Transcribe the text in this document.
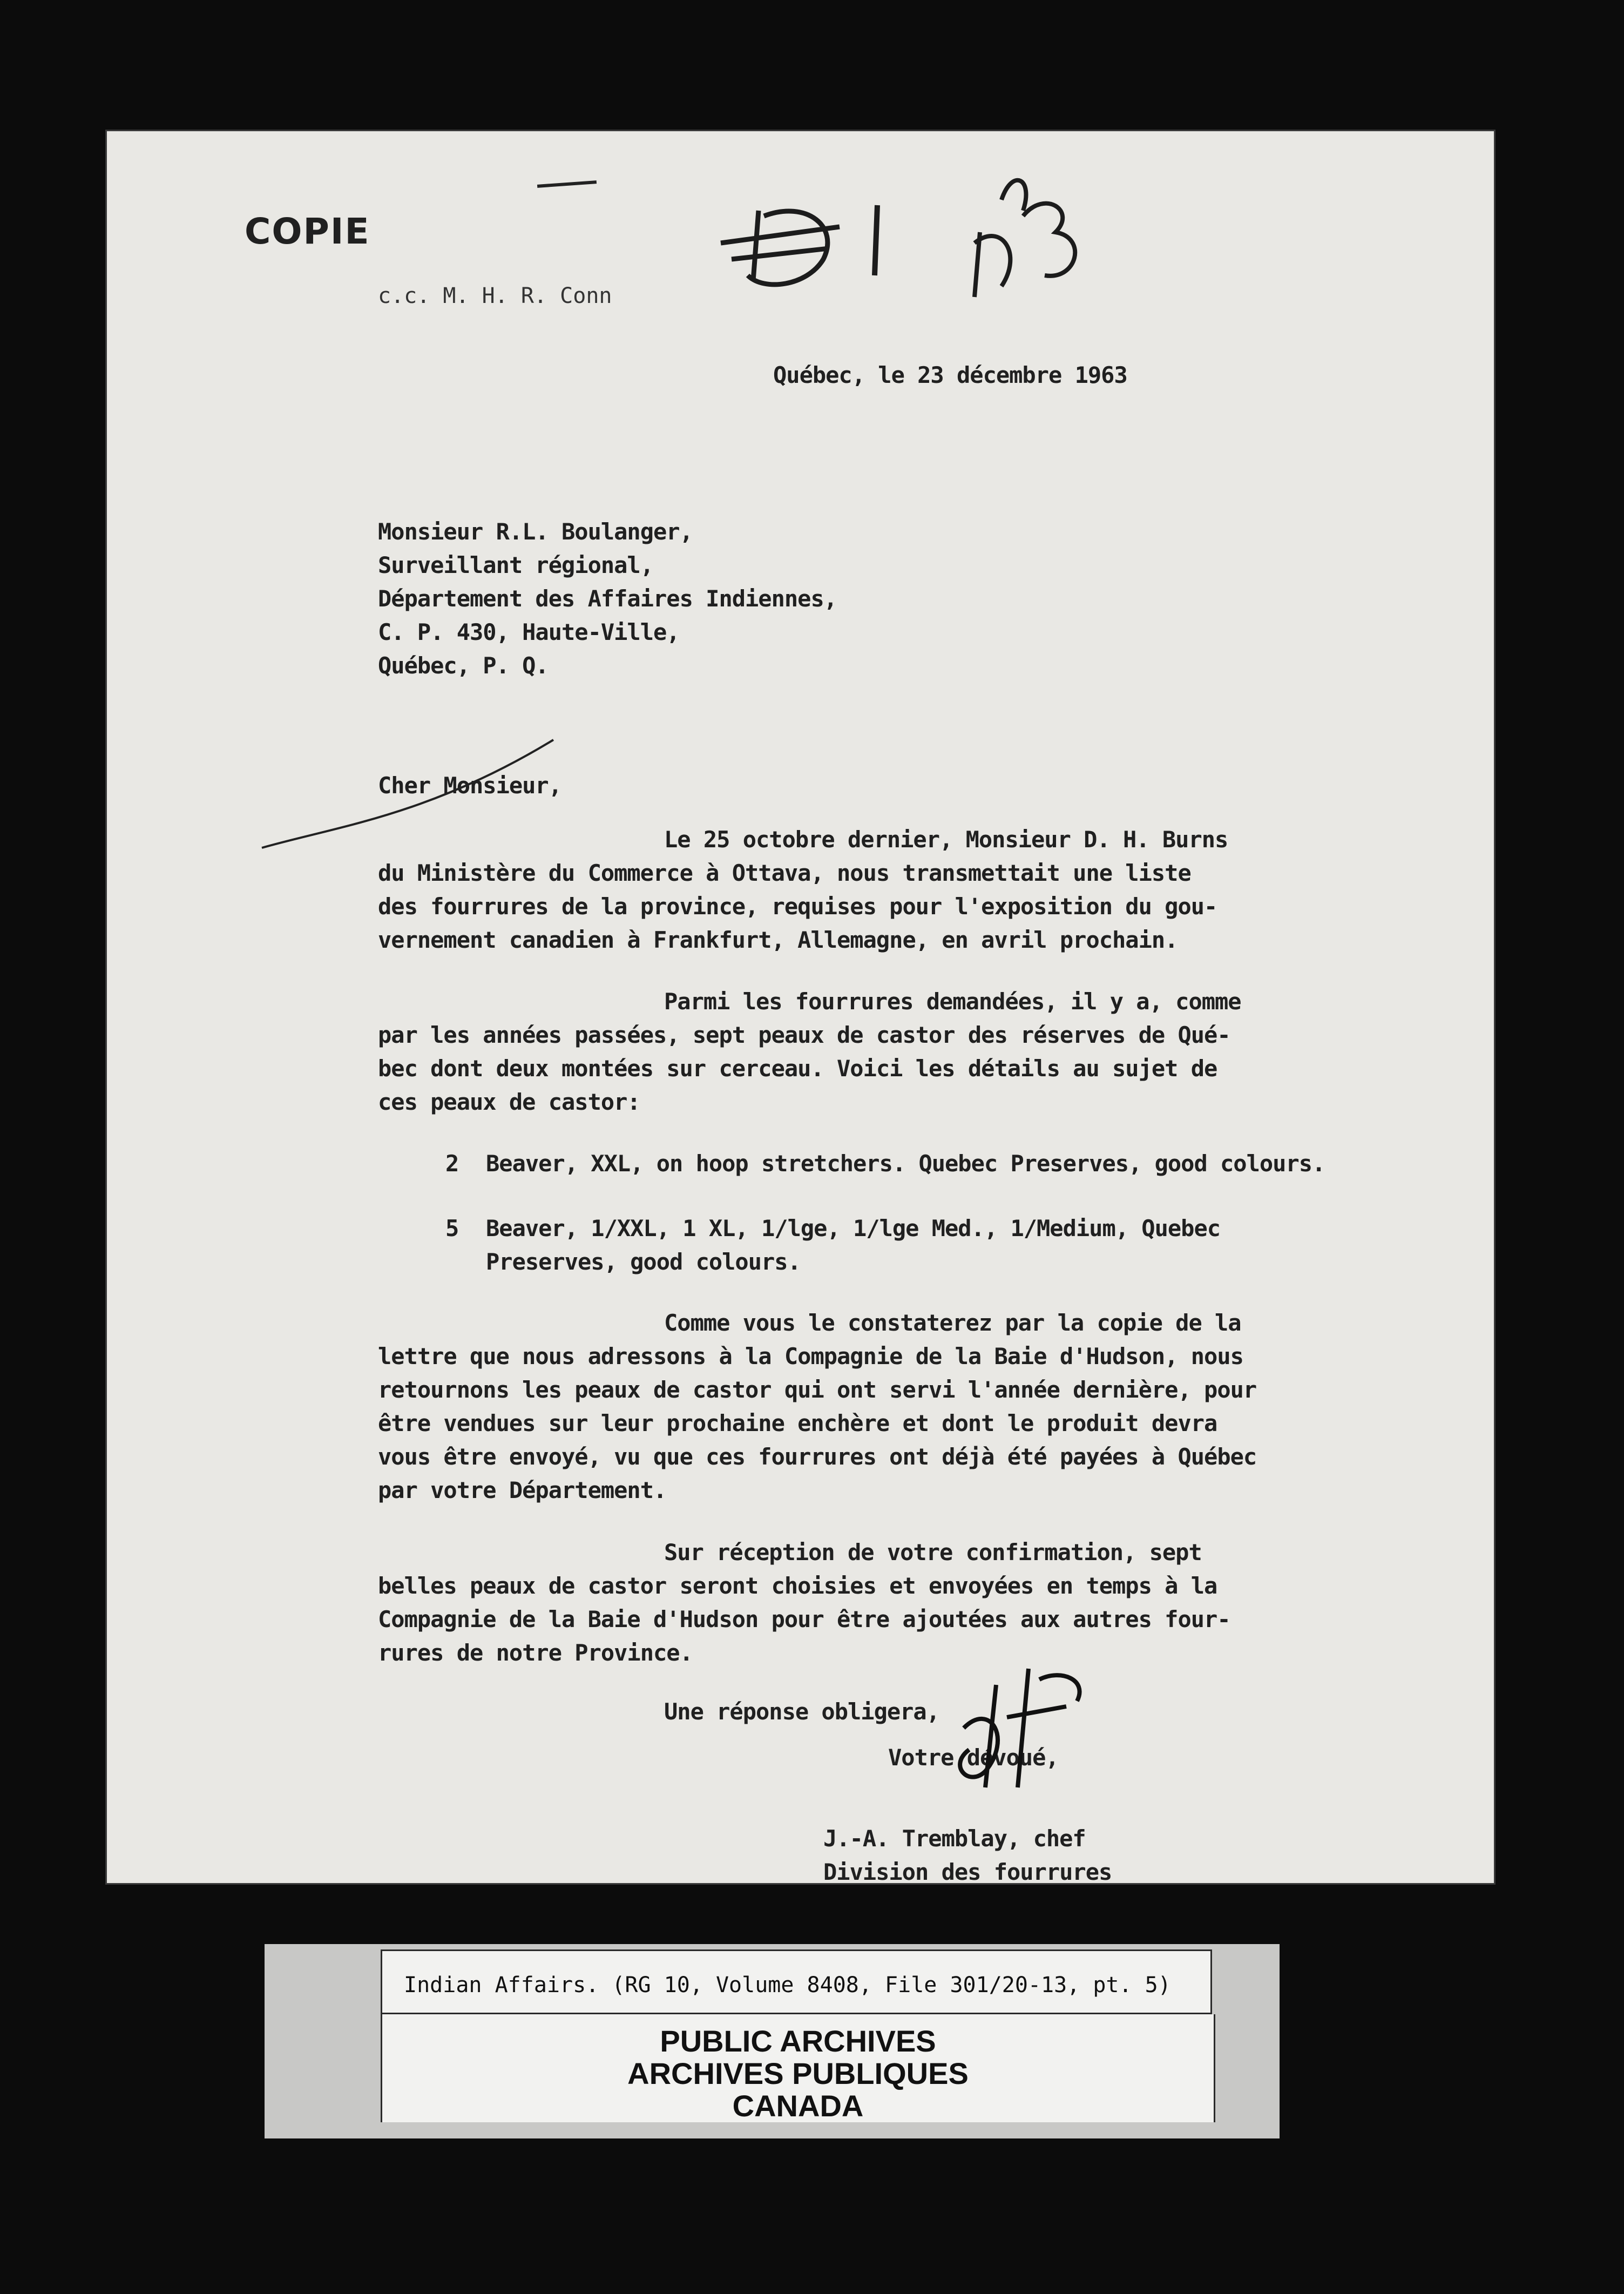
COPIE
c.c. M. H. R. Conn
Québec, le 23 décembre 1963
Monsieur R.L. Boulanger,
Surveillant régional,
Département des Affaires Indiennes,
C. P. 430, Haute-Ville,
Québec, P. Q.
Cher Monsieur,
Le 25 octobre dernier, Monsieur D. H. Burns
du Ministère du Commerce à Ottava, nous transmettait une liste
des fourrures de la province, requises pour l'exposition du gou-
vernement canadien à Frankfurt, Allemagne, en avril prochain.
Parmi les fourrures demandées, il y a, comme
par les années passées, sept peaux de castor des réserves de Qué-
bec dont deux montées sur cerceau. Voici les détails au sujet de
ces peaux de castor:
2 Beaver, XXL, on hoop stretchers. Quebec Preserves, good colours.
5 Beaver, 1/XXL, 1 XL, 1/lge, 1/lge Med., 1/Medium, Quebec
Preserves, good colours.
Comme vous le constaterez par la copie de la
lettre que nous adressons à la Compagnie de la Baie d'Hudson, nous
retournons les peaux de castor qui ont servi l'année dernière, pour
être vendues sur leur prochaine enchère et dont le produit devra
vous être envoyé, vu que ces fourrures ont déjà été payées à Québec
par votre Département.
Sur réception de votre confirmation, sept
belles peaux de castor seront choisies et envoyées en temps à la
Compagnie de la Baie d'Hudson pour être ajoutées aux autres four-
rures de notre Province.
Une réponse obligera,
Votre dévoué,
J.-A. Tremblay, chef
Division des fourrures
Indian Affairs. (RG 10, Volume 8408, File 301/20-13, pt. 5)
PUBLIC ARCHIVES
ARCHIVES PUBLIQUES
CANADA
